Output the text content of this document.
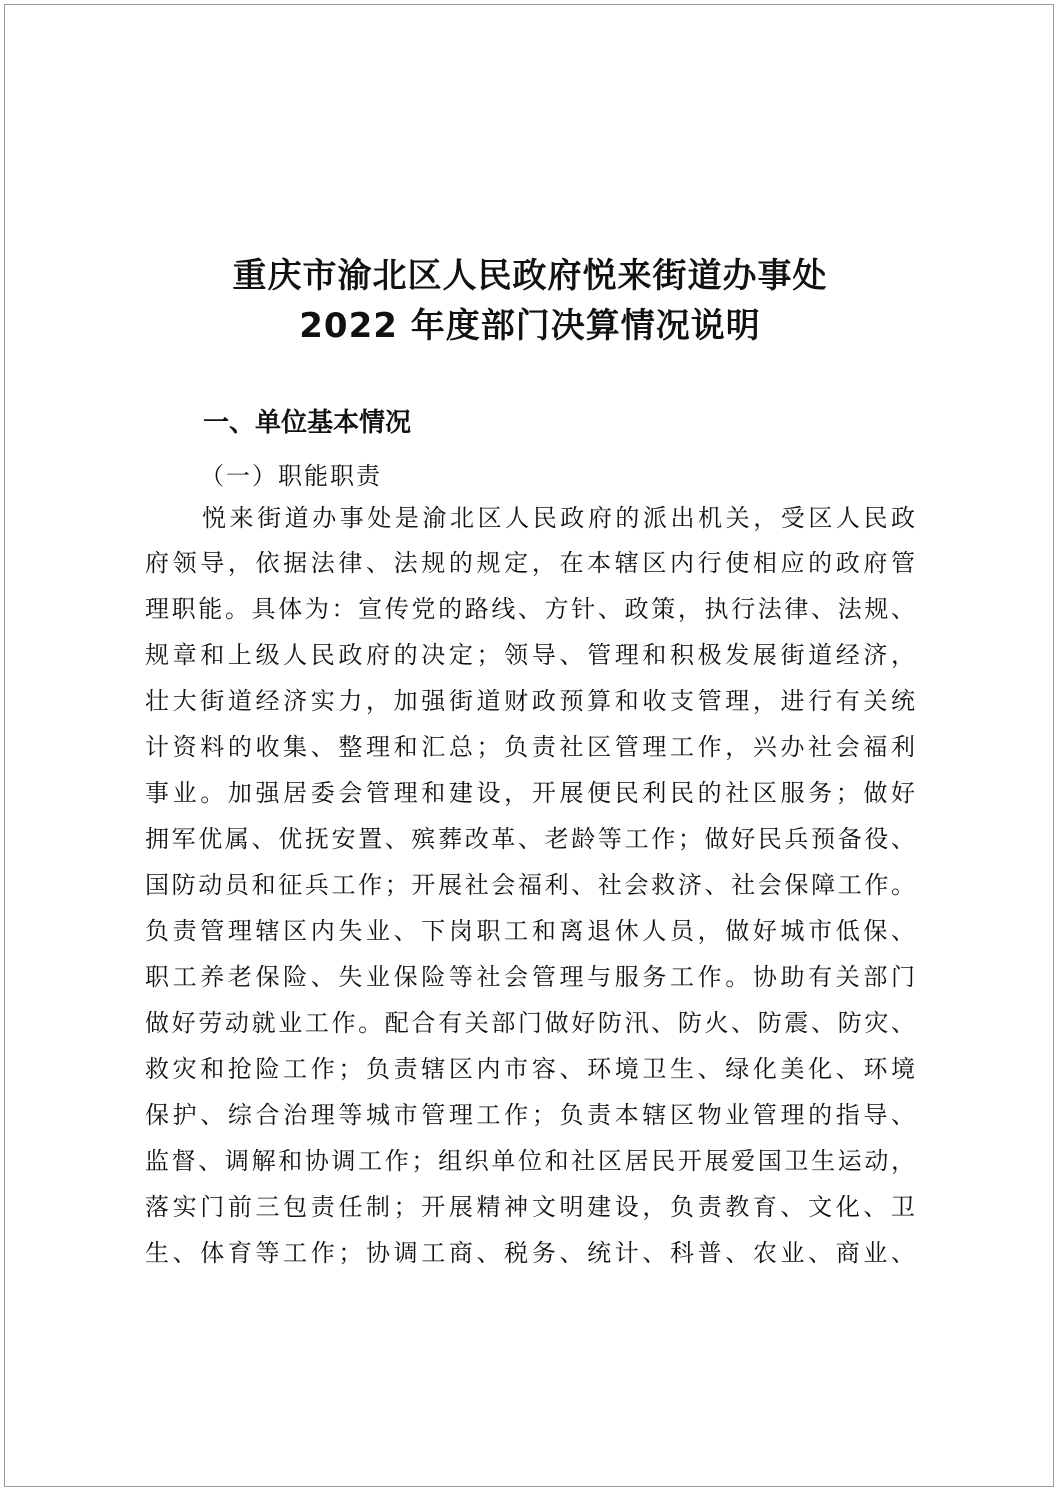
重庆市渝北区人民政府悦来街道办事处
2022 年度部门决算情况说明
一、单位基本情况
（一）职能职责
悦来街道办事处是渝北区人民政府的派出机关，受区人民政
府领导，依据法律、法规的规定，在本辖区内行使相应的政府管
理职能。具体为：宣传党的路线、方针、政策，执行法律、法规、
规章和上级人民政府的决定；领导、管理和积极发展街道经济，
壮大街道经济实力，加强街道财政预算和收支管理，进行有关统
计资料的收集、整理和汇总；负责社区管理工作，兴办社会福利
事业。加强居委会管理和建设，开展便民利民的社区服务；做好
拥军优属、优抚安置、殡葬改革、老龄等工作；做好民兵预备役、
国防动员和征兵工作；开展社会福利、社会救济、社会保障工作。
负责管理辖区内失业、下岗职工和离退休人员，做好城市低保、
职工养老保险、失业保险等社会管理与服务工作。协助有关部门
做好劳动就业工作。配合有关部门做好防汛、防火、防震、防灾、
救灾和抢险工作；负责辖区内市容、环境卫生、绿化美化、环境
保护、综合治理等城市管理工作；负责本辖区物业管理的指导、
监督、调解和协调工作；组织单位和社区居民开展爱国卫生运动，
落实门前三包责任制；开展精神文明建设，负责教育、文化、卫
生、体育等工作；协调工商、税务、统计、科普、农业、商业、
